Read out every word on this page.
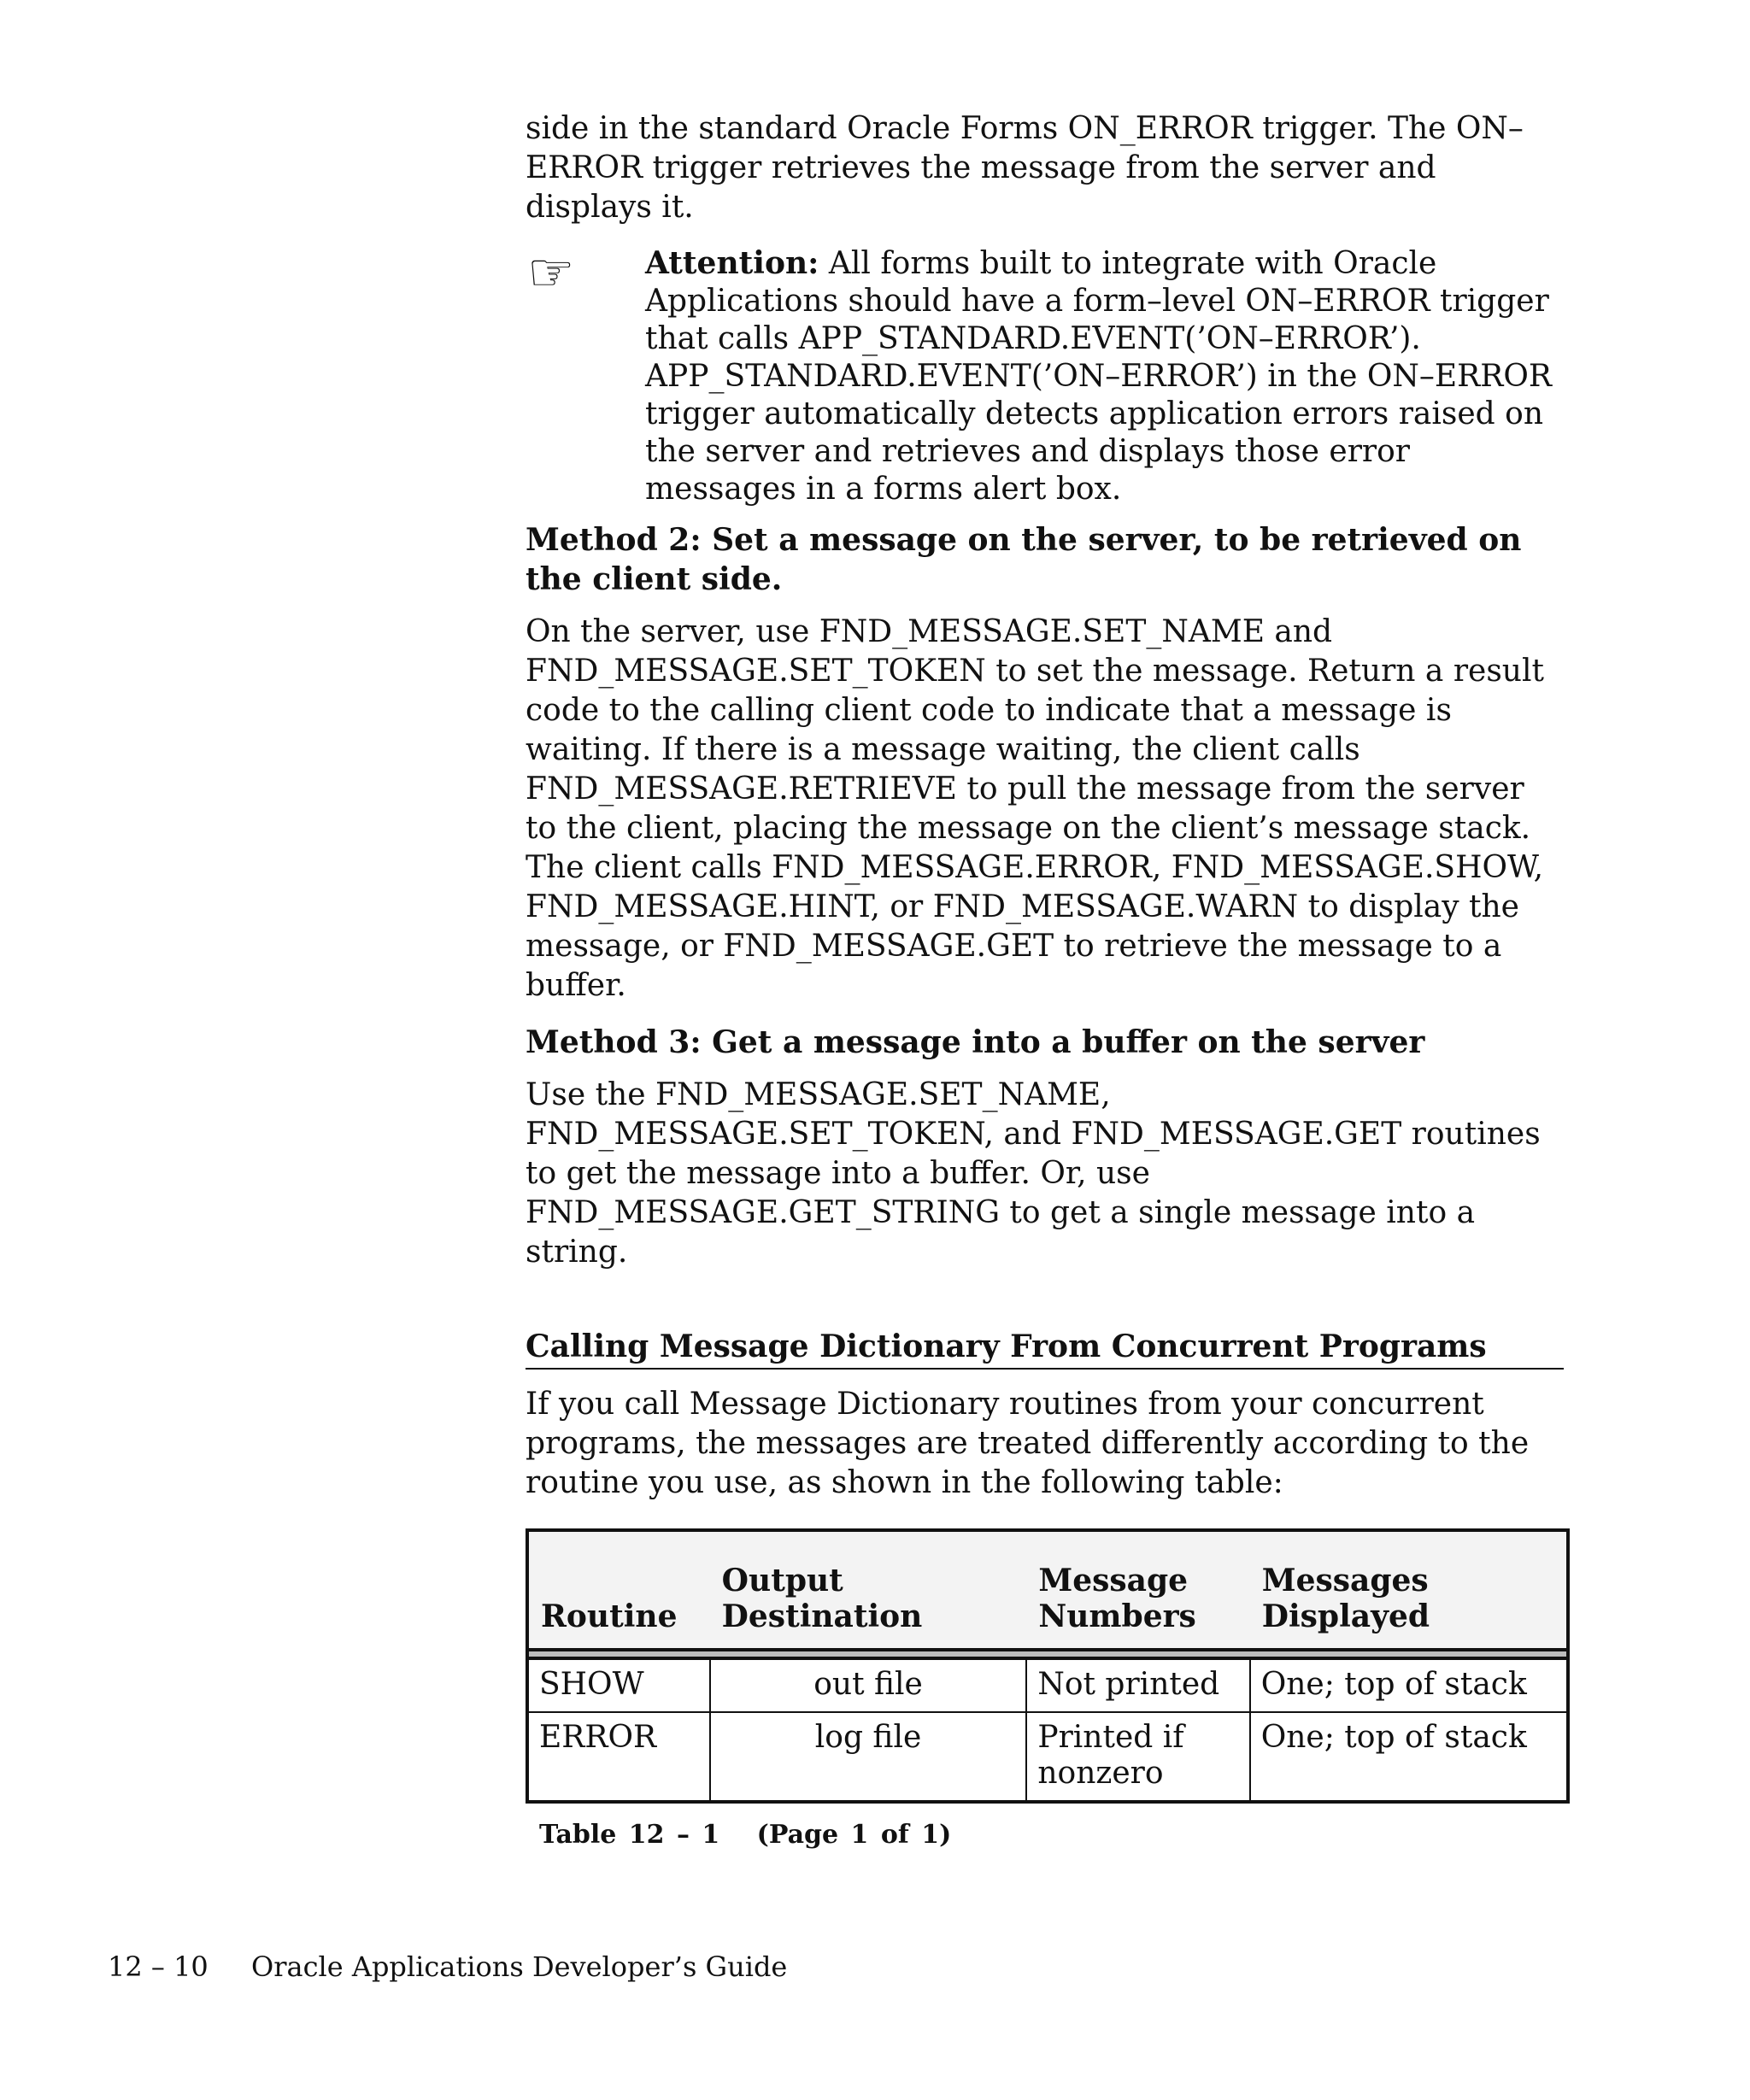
side in the standard Oracle Forms ON_ERROR trigger. The ON–ERROR trigger retrieves the message from the server and displays it.

☞ Attention: All forms built to integrate with Oracle Applications should have a form–level ON–ERROR trigger that calls APP_STANDARD.EVENT(’ON–ERROR’). APP_STANDARD.EVENT(’ON–ERROR’) in the ON–ERROR trigger automatically detects application errors raised on the server and retrieves and displays those error messages in a forms alert box.

Method 2: Set a message on the server, to be retrieved on the client side.

On the server, use FND_MESSAGE.SET_NAME and FND_MESSAGE.SET_TOKEN to set the message. Return a result code to the calling client code to indicate that a message is waiting. If there is a message waiting, the client calls FND_MESSAGE.RETRIEVE to pull the message from the server to the client, placing the message on the client’s message stack. The client calls FND_MESSAGE.ERROR, FND_MESSAGE.SHOW, FND_MESSAGE.HINT, or FND_MESSAGE.WARN to display the message, or FND_MESSAGE.GET to retrieve the message to a buffer.

Method 3: Get a message into a buffer on the server

Use the FND_MESSAGE.SET_NAME, FND_MESSAGE.SET_TOKEN, and FND_MESSAGE.GET routines to get the message into a buffer. Or, use FND_MESSAGE.GET_STRING to get a single message into a string.

Calling Message Dictionary From Concurrent Programs

If you call Message Dictionary routines from your concurrent programs, the messages are treated differently according to the routine you use, as shown in the following table:

Routine	Output Destination	Message Numbers	Messages Displayed

SHOW	out file	Not printed	One; top of stack
ERROR	log file	Printed if nonzero	One; top of stack
Table 12 – 1   (Page 1 of 1)
12 – 10 Oracle Applications Developer’s Guide
